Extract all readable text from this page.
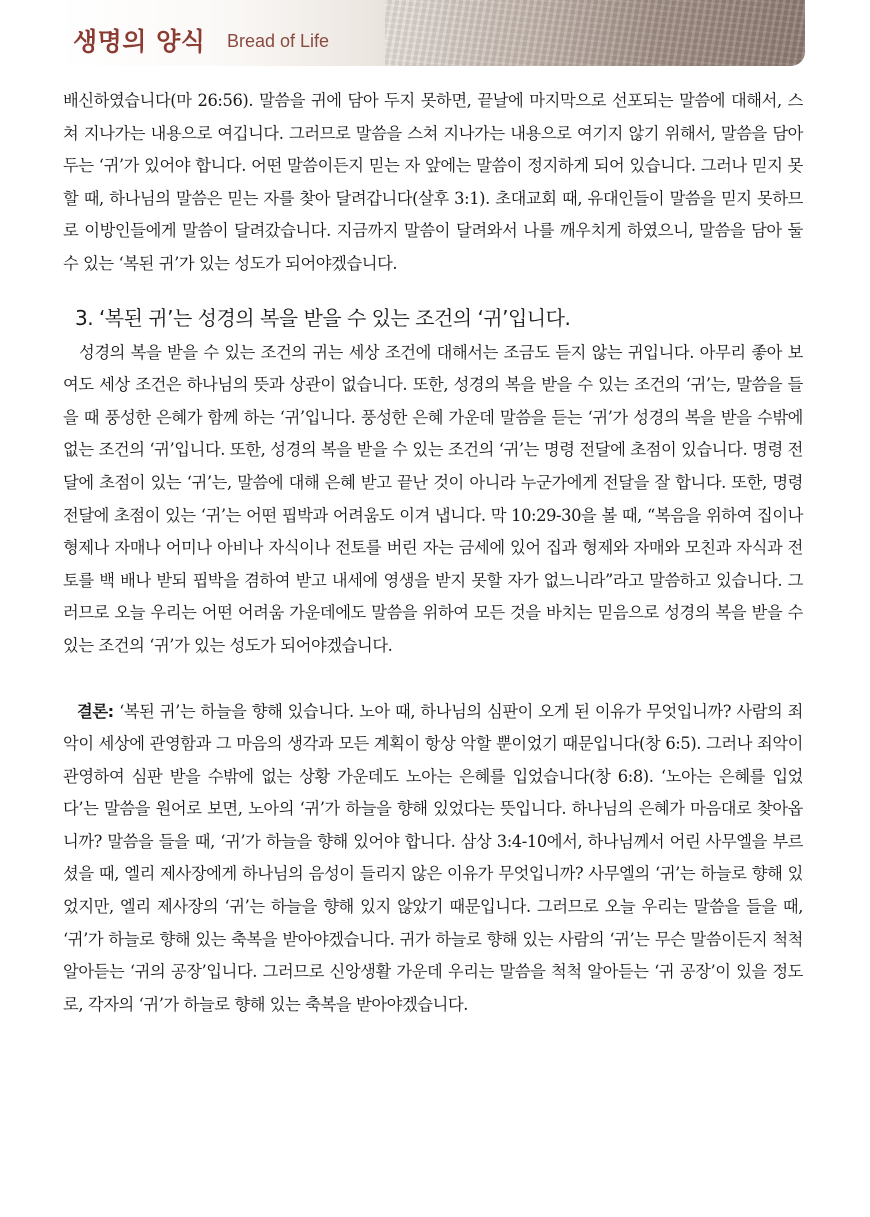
생명의 양식 Bread of Life

배신하였습니다(마 26:56). 말씀을 귀에 담아 두지 못하면, 끝날에 마지막으로 선포되는 말씀에 대해서, 스쳐 지나가는 내용으로 여깁니다. 그러므로 말씀을 스쳐 지나가는 내용으로 여기지 않기 위해서, 말씀을 담아 두는 ‘귀’가 있어야 합니다. 어떤 말씀이든지 믿는 자 앞에는 말씀이 정지하게 되어 있습니다. 그러나 믿지 못할 때, 하나님의 말씀은 믿는 자를 찾아 달려갑니다(살후 3:1). 초대교회 때, 유대인들이 말씀을 믿지 못하므로 이방인들에게 말씀이 달려갔습니다. 지금까지 말씀이 달려와서 나를 깨우치게 하였으니, 말씀을 담아 둘 수 있는 ‘복된 귀’가 있는 성도가 되어야겠습니다.

3. ‘복된 귀’는 성경의 복을 받을 수 있는 조건의 ‘귀’입니다.

성경의 복을 받을 수 있는 조건의 귀는 세상 조건에 대해서는 조금도 듣지 않는 귀입니다. 아무리 좋아 보여도 세상 조건은 하나님의 뜻과 상관이 없습니다. 또한, 성경의 복을 받을 수 있는 조건의 ‘귀’는, 말씀을 들을 때 풍성한 은혜가 함께 하는 ‘귀’입니다. 풍성한 은혜 가운데 말씀을 듣는 ‘귀’가 성경의 복을 받을 수밖에 없는 조건의 ‘귀’입니다. 또한, 성경의 복을 받을 수 있는 조건의 ‘귀’는 명령 전달에 초점이 있습니다. 명령 전달에 초점이 있는 ‘귀’는, 말씀에 대해 은혜 받고 끝난 것이 아니라 누군가에게 전달을 잘 합니다. 또한, 명령 전달에 초점이 있는 ‘귀’는 어떤 핍박과 어려움도 이겨 냅니다. 막 10:29-30을 볼 때, “복음을 위하여 집이나 형제나 자매나 어미나 아비나 자식이나 전토를 버린 자는 금세에 있어 집과 형제와 자매와 모친과 자식과 전토를 백 배나 받되 핍박을 겸하여 받고 내세에 영생을 받지 못할 자가 없느니라”라고 말씀하고 있습니다. 그러므로 오늘 우리는 어떤 어려움 가운데에도 말씀을 위하여 모든 것을 바치는 믿음으로 성경의 복을 받을 수 있는 조건의 ‘귀’가 있는 성도가 되어야겠습니다.

결론: ‘복된 귀’는 하늘을 향해 있습니다. 노아 때, 하나님의 심판이 오게 된 이유가 무엇입니까? 사람의 죄악이 세상에 관영함과 그 마음의 생각과 모든 계획이 항상 악할 뿐이었기 때문입니다(창 6:5). 그러나 죄악이 관영하여 심판 받을 수밖에 없는 상황 가운데도 노아는 은혜를 입었습니다(창 6:8). ‘노아는 은혜를 입었다’는 말씀을 원어로 보면, 노아의 ‘귀’가 하늘을 향해 있었다는 뜻입니다. 하나님의 은혜가 마음대로 찾아옵니까? 말씀을 들을 때, ‘귀’가 하늘을 향해 있어야 합니다. 삼상 3:4-10에서, 하나님께서 어린 사무엘을 부르셨을 때, 엘리 제사장에게 하나님의 음성이 들리지 않은 이유가 무엇입니까? 사무엘의 ‘귀’는 하늘로 향해 있었지만, 엘리 제사장의 ‘귀’는 하늘을 향해 있지 않았기 때문입니다. 그러므로 오늘 우리는 말씀을 들을 때, ‘귀’가 하늘로 향해 있는 축복을 받아야겠습니다. 귀가 하늘로 향해 있는 사람의 ‘귀’는 무슨 말씀이든지 척척 알아듣는 ‘귀의 공장’입니다. 그러므로 신앙생활 가운데 우리는 말씀을 척척 알아듣는 ‘귀 공장’이 있을 정도로, 각자의 ‘귀’가 하늘로 향해 있는 축복을 받아야겠습니다.
